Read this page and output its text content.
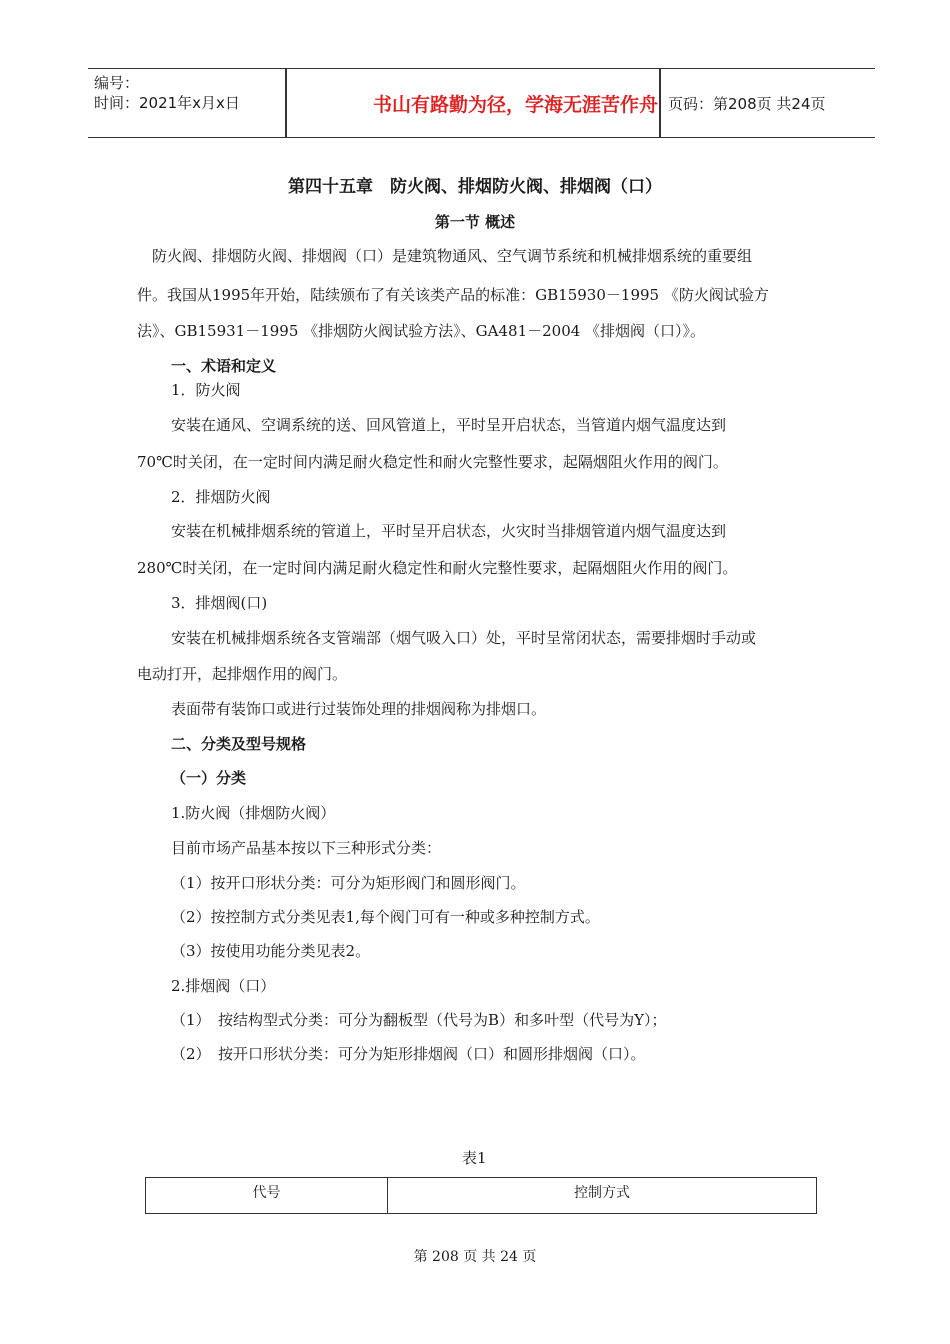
编号：
时间：2021年x月x日	书山有路勤为径，学海无涯苦作舟 页码：第208页 共24页
第四十五章　防火阀、排烟防火阀、排烟阀（口）
第一节 概述
防火阀、排烟防火阀、排烟阀（口）是建筑物通风、空气调节系统和机械排烟系统的重要组
件。我国从1995年开始，陆续颁布了有关该类产品的标准：GB15930－1995 《防火阀试验方
法》、GB15931－1995 《排烟防火阀试验方法》、GA481－2004 《排烟阀（口）》。
一、术语和定义
1．防火阀
安装在通风、空调系统的送、回风管道上，平时呈开启状态，当管道内烟气温度达到
70℃时关闭，在一定时间内满足耐火稳定性和耐火完整性要求，起隔烟阻火作用的阀门。
2．排烟防火阀
安装在机械排烟系统的管道上，平时呈开启状态，火灾时当排烟管道内烟气温度达到
280℃时关闭，在一定时间内满足耐火稳定性和耐火完整性要求，起隔烟阻火作用的阀门。
3．排烟阀(口)
安装在机械排烟系统各支管端部（烟气吸入口）处，平时呈常闭状态，需要排烟时手动或
电动打开，起排烟作用的阀门。
表面带有装饰口或进行过装饰处理的排烟阀称为排烟口。
二、分类及型号规格
（一）分类
1.防火阀（排烟防火阀）
目前市场产品基本按以下三种形式分类：
（1）按开口形状分类：可分为矩形阀门和圆形阀门。
（2）按控制方式分类见表1,每个阀门可有一种或多种控制方式。
（3）按使用功能分类见表2。
2.排烟阀（口）
（1）　按结构型式分类：可分为翻板型（代号为B）和多叶型（代号为Y）；
（2）　按开口形状分类：可分为矩形排烟阀（口）和圆形排烟阀（口）。
表1
代号	控制方式
第 208 页 共 24 页
